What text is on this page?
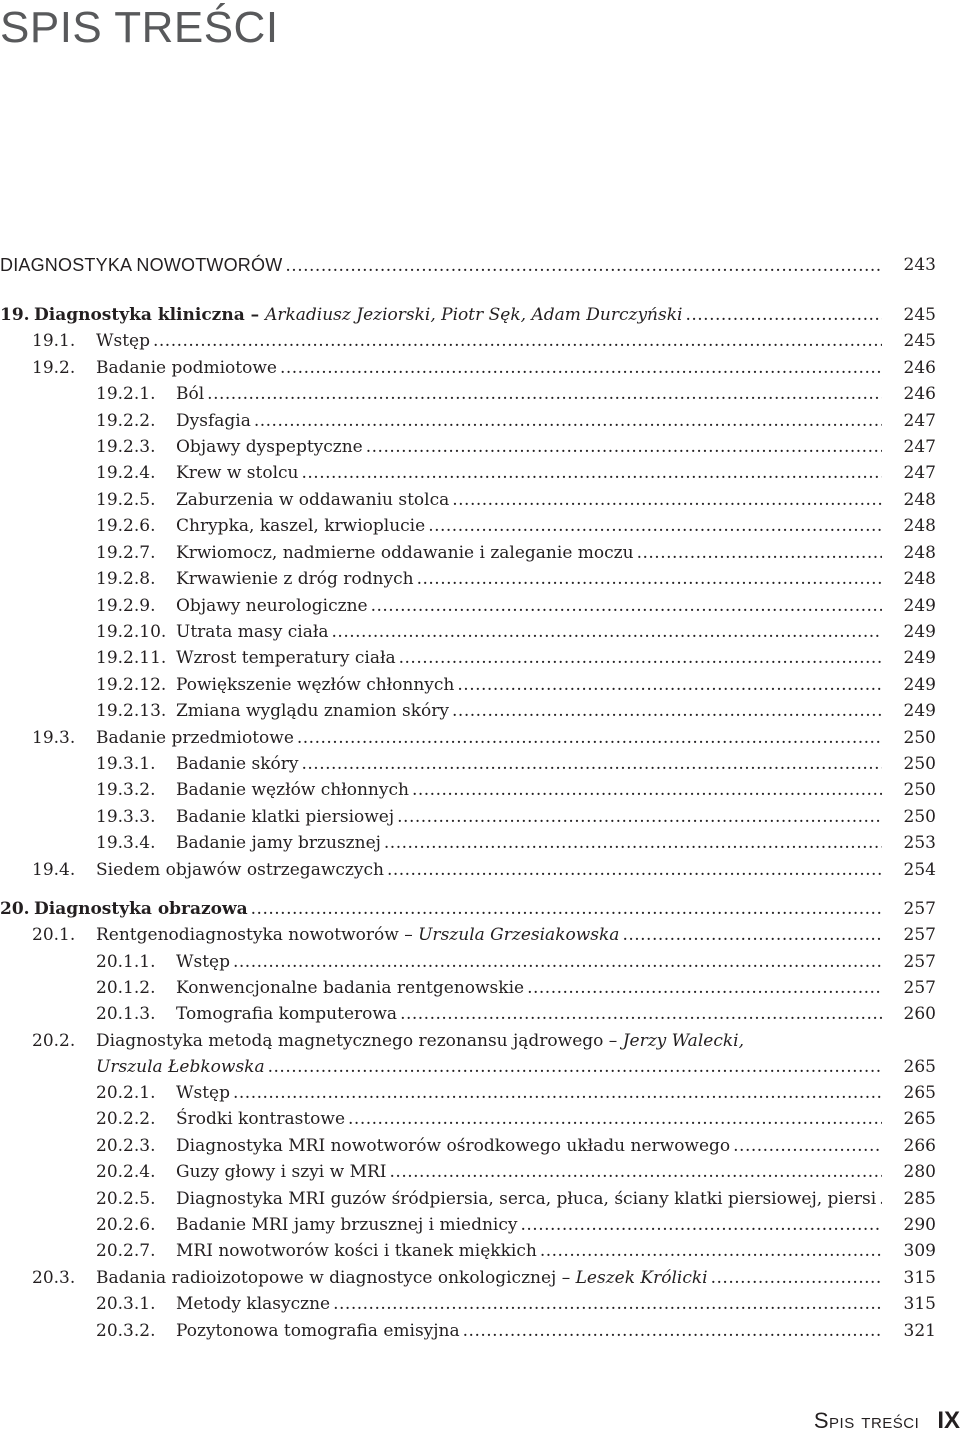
SPIS TREŚCI
DIAGNOSTYKA NOWOTWORÓW .....	243
19. Diagnostyka kliniczna – Arkadiusz Jeziorski, Piotr Sęk, Adam Durczyński .....	245
19.1. Wstęp .....	245
19.2. Badanie podmiotowe .....	246
19.2.1. Ból .....	246
19.2.2. Dysfagia .....	247
19.2.3. Objawy dyspeptyczne .....	247
19.2.4. Krew w stolcu .....	247
19.2.5. Zaburzenia w oddawaniu stolca .....	248
19.2.6. Chrypka, kaszel, krwioplucie .....	248
19.2.7. Krwiomocz, nadmierne oddawanie i zaleganie moczu .....	248
19.2.8. Krwawienie z dróg rodnych .....	248
19.2.9. Objawy neurologiczne .....	249
19.2.10. Utrata masy ciała .....	249
19.2.11. Wzrost temperatury ciała .....	249
19.2.12. Powiększenie węzłów chłonnych .....	249
19.2.13. Zmiana wyglądu znamion skóry .....	249
19.3. Badanie przedmiotowe .....	250
19.3.1. Badanie skóry .....	250
19.3.2. Badanie węzłów chłonnych .....	250
19.3.3. Badanie klatki piersiowej .....	250
19.3.4. Badanie jamy brzusznej .....	253
19.4. Siedem objawów ostrzegawczych .....	254
20. Diagnostyka obrazowa .....	257
20.1. Rentgenodiagnostyka nowotworów – Urszula Grzesiakowska .....	257
20.1.1. Wstęp .....	257
20.1.2. Konwencjonalne badania rentgenowskie .....	257
20.1.3. Tomografia komputerowa .....	260
20.2. Diagnostyka metodą magnetycznego rezonansu jądrowego – Jerzy Walecki,
Urszula Łebkowska .....	265
20.2.1. Wstęp .....	265
20.2.2. Środki kontrastowe .....	265
20.2.3. Diagnostyka MRI nowotworów ośrodkowego układu nerwowego .....	266
20.2.4. Guzy głowy i szyi w MRI .....	280
20.2.5. Diagnostyka MRI guzów śródpiersia, serca, płuca, ściany klatki piersiowej, piersi .....	285
20.2.6. Badanie MRI jamy brzusznej i miednicy .....	290
20.2.7. MRI nowotworów kości i tkanek miękkich .....	309
20.3. Badania radioizotopowe w diagnostyce onkologicznej – Leszek Królicki .....	315
20.3.1. Metody klasyczne .....	315
20.3.2. Pozytonowa tomografia emisyjna .....	321
Spis treści IX
